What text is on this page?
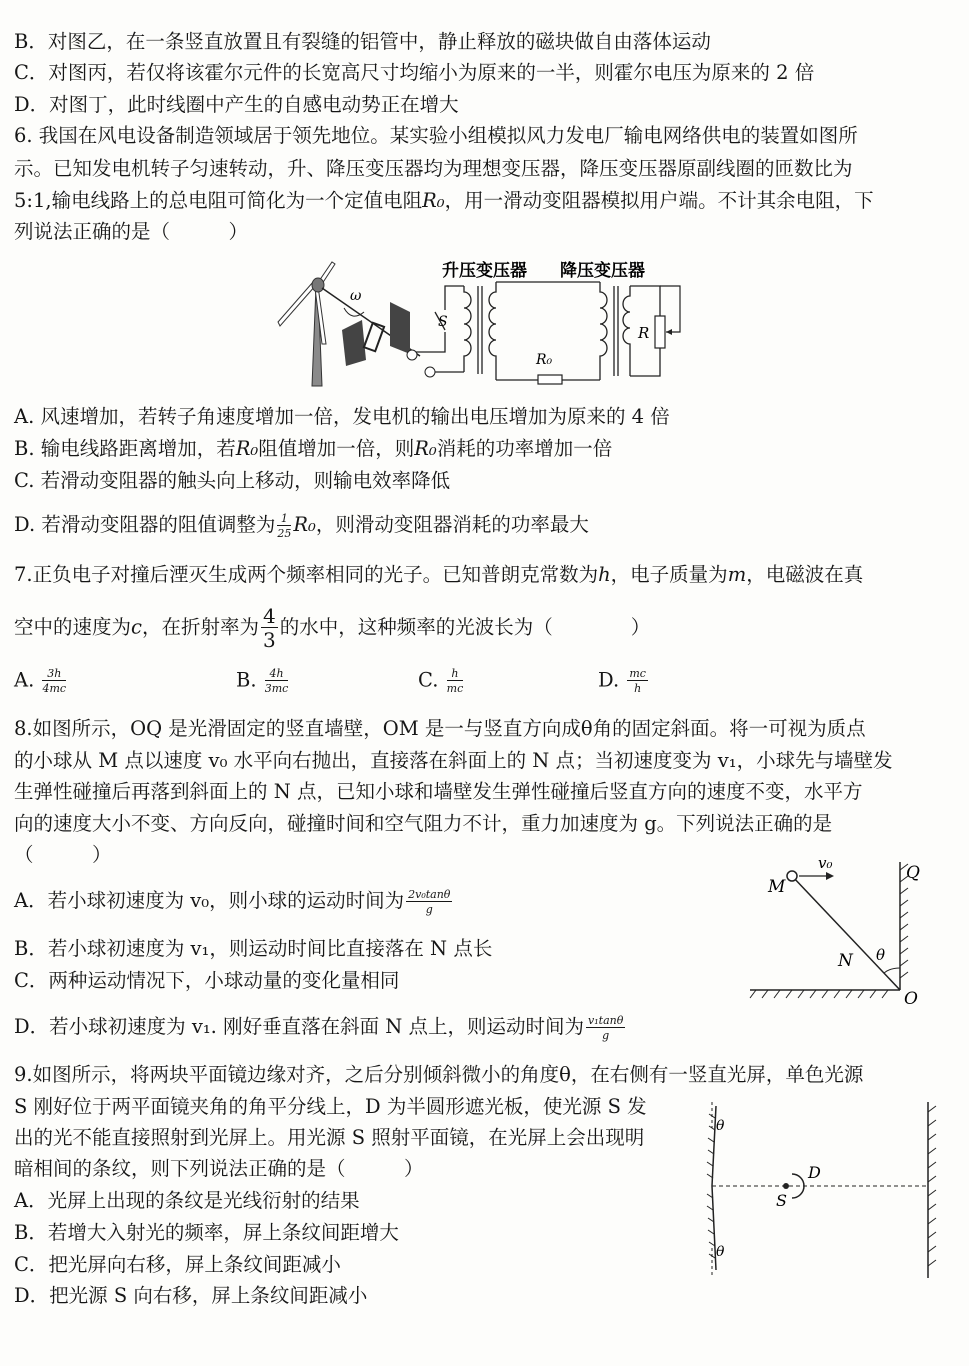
B．对图乙，在一条竖直放置且有裂缝的铝管中，静止释放的磁块做自由落体运动
C．对图丙，若仅将该霍尔元件的长宽高尺寸均缩小为原来的一半，则霍尔电压为原来的 2 倍
D．对图丁，此时线圈中产生的自感电动势正在增大
6. 我国在风电设备制造领域居于领先地位。某实验小组模拟风力发电厂输电网络供电的装置如图所
示。已知发电机转子匀速转动，升、降压变压器均为理想变压器，降压变压器原副线圈的匝数比为
5:1,输电线路上的总电阻可简化为一个定值电阻R₀，用一滑动变阻器模拟用户端。不计其余电阻，下
列说法正确的是（　　　）
ω
S
升压变压器
R₀
降压变压器
R
A. 风速增加，若转子角速度增加一倍，发电机的输出电压增加为原来的 4 倍
B. 输电线路距离增加，若R₀阻值增加一倍，则R₀消耗的功率增加一倍
C. 若滑动变阻器的触头向上移动，则输电效率降低
D. 若滑动变阻器的阻值调整为 $\frac{1}{25} R_0$，则滑动变阻器消耗的功率最大
7.正负电子对撞后湮灭生成两个频率相同的光子。已知普朗克常数为h，电子质量为m，电磁波在真
空中的速度为c，在折射率为 $\frac{4}{3}$ 的水中，这种频率的光波长为（　　　　）
A. $\frac{3h}{4mc}$	B. $\frac{4h}{3mc}$	C. $\frac{h}{mc}$	D. $\frac{mc}{h}$
8.如图所示，OQ 是光滑固定的竖直墙壁，OM 是一与竖直方向成θ角的固定斜面。将一可视为质点
的小球从 M 点以速度 v₀ 水平向右抛出，直接落在斜面上的 N 点；当初速度变为 v₁，小球先与墙壁发
生弹性碰撞后再落到斜面上的 N 点，已知小球和墙壁发生弹性碰撞后竖直方向的速度不变，水平方
向的速度大小不变、方向反向，碰撞时间和空气阻力不计，重力加速度为 g。下列说法正确的是
（　　　）
A．若小球初速度为 v₀，则小球的运动时间为 $\frac{\text{2v₀tanθ}}{g}$
B．若小球初速度为 v₁，则运动时间比直接落在 N 点长
C．两种运动情况下，小球动量的变化量相同
D．若小球初速度为 v₁. 刚好垂直落在斜面 N 点上，则运动时间为 $\frac{\text{v₁tanθ}}{g}$
v₀
M
N
O
Q
θ
9.如图所示，将两块平面镜边缘对齐，之后分别倾斜微小的角度θ，在右侧有一竖直光屏，单色光源
S 刚好位于两平面镜夹角的角平分线上，D 为半圆形遮光板，使光源 S 发
出的光不能直接照射到光屏上。用光源 S 照射平面镜，在光屏上会出现明
暗相间的条纹，则下列说法正确的是（　　　）
A．光屏上出现的条纹是光线衍射的结果
B．若增大入射光的频率，屏上条纹间距增大
C．把光屏向右移，屏上条纹间距减小
D．把光源 S 向右移，屏上条纹间距减小
θ
θ
S
D
